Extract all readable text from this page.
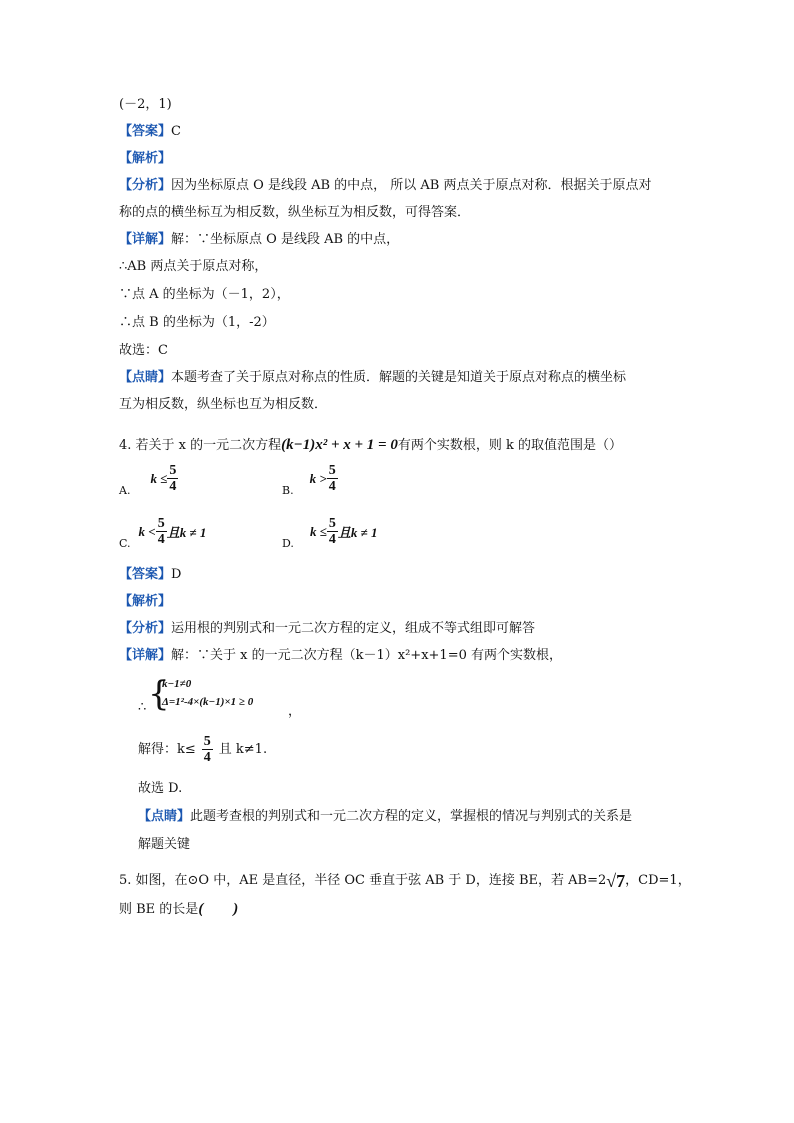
(－2，1)
【答案】C
【解析】
【分析】因为坐标原点 O 是线段 AB 的中点， 所以 AB 两点关于原点对称．根据关于原点对
称的点的横坐标互为相反数，纵坐标互为相反数，可得答案．
【详解】解：∵坐标原点 O 是线段 AB 的中点，
∴AB 两点关于原点对称，
∵点 A 的坐标为（－1，2），
∴点 B 的坐标为（1，-2）
故选：C
【点睛】本题考查了关于原点对称点的性质．解题的关键是知道关于原点对称点的横坐标
互为相反数，纵坐标也互为相反数．
4. 若关于 x 的一元二次方程(k−1)x² + x + 1 = 0有两个实数根，则 k 的取值范围是（）
A.
$k \le \frac{5}{4}$	B.
$k > \frac{5}{4}$
C.
$k < \frac{5}{4}$ 且k ≠ 1
D.
$k \le \frac{5}{4}$ 且k ≠ 1
【答案】D
【解析】
【分析】运用根的判别式和一元二次方程的定义，组成不等式组即可解答
【详解】解：∵关于 x 的一元二次方程（k－1）x²+x+1=0 有两个实数根，
∴ {
k−1≠0
Δ=1²-4×(k−1)×1 ≥ 0
，
解得：$k\le \frac{5}{4}$ 且 k≠1.
故选 D.
【点睛】此题考查根的判别式和一元二次方程的定义，掌握根的情况与判别式的关系是
解题关键
5. 如图，在⊙O 中，AE 是直径，半径 OC 垂直于弦 AB 于 D，连接 BE，若 AB=2 √7 ，CD=1，
则 BE 的长是(　　)
